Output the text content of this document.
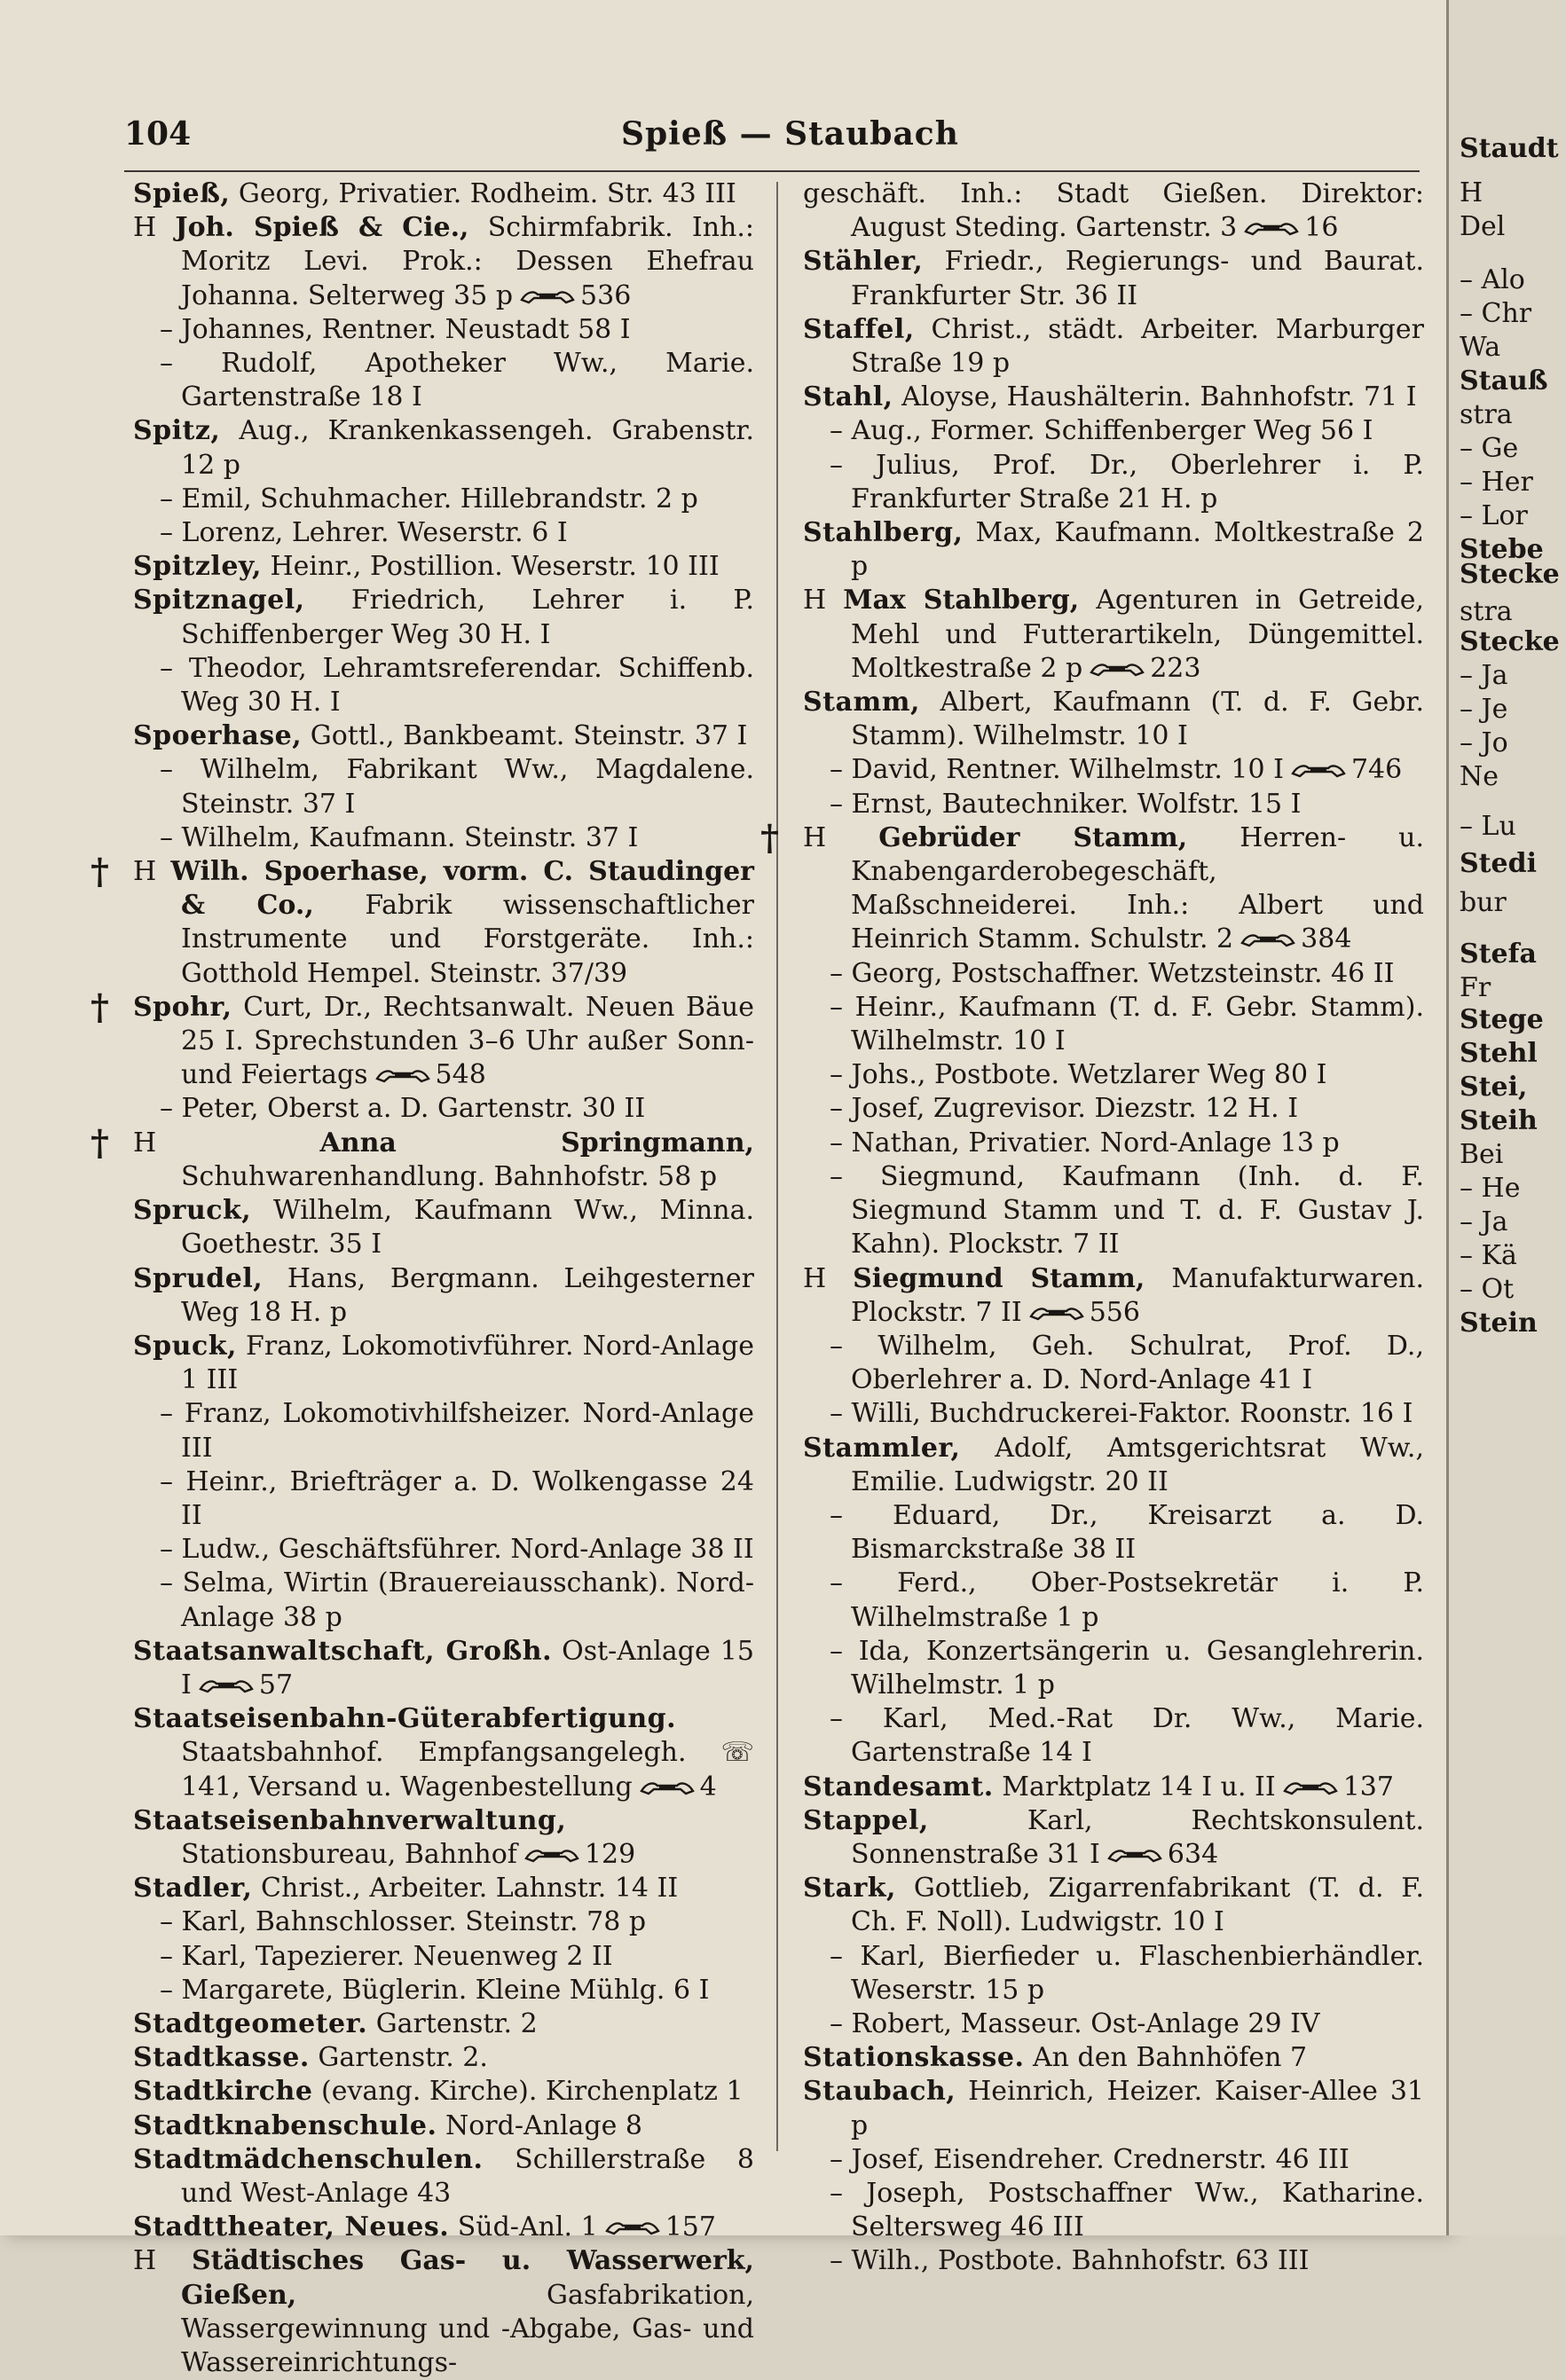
104	Spieß — Staubach
Spieß, Georg, Privatier. Rodheim. Str. 43 III
H Joh. Spieß & Cie., Schirmfabrik. Inh.: Moritz Levi. Prok.: Dessen Ehefrau Johanna. Selterweg 35 p	536
– Johannes, Rentner. Neustadt 58 I
– Rudolf, Apotheker Ww., Marie. Gartenstraße 18 I
Spitz, Aug., Krankenkassengeh. Grabenstr. 12 p
– Emil, Schuhmacher. Hillebrandstr. 2 p
– Lorenz, Lehrer. Weserstr. 6 I
Spitzley, Heinr., Postillion. Weserstr. 10 III
Spitznagel, Friedrich, Lehrer i. P. Schiffenberger Weg 30 H. I
– Theodor, Lehramtsreferendar. Schiffenb. Weg 30 H. I
Spoerhase, Gottl., Bankbeamt. Steinstr. 37 I
– Wilhelm, Fabrikant Ww., Magdalene. Steinstr. 37 I
– Wilhelm, Kaufmann. Steinstr. 37 I
† H Wilh. Spoerhase, vorm. C. Staudinger & Co., Fabrik wissenschaftlicher Instrumente und Forstgeräte. Inh.: Gotthold Hempel. Steinstr. 37/39
† Spohr, Curt, Dr., Rechtsanwalt. Neuen Bäue 25 I. Sprechstunden 3–6 Uhr außer Sonn- und Feiertags	548
– Peter, Oberst a. D. Gartenstr. 30 II
† H	Anna Springmann, Schuhwarenhandlung. Bahnhofstr. 58 p
Spruck, Wilhelm, Kaufmann Ww., Minna. Goethestr. 35 I
Sprudel, Hans, Bergmann. Leihgesterner Weg 18 H. p
Spuck, Franz, Lokomotivführer. Nord-Anlage 1 III
– Franz, Lokomotivhilfsheizer. Nord-Anlage III
– Heinr., Briefträger a. D. Wolkengasse 24 II
– Ludw., Geschäftsführer. Nord-Anlage 38 II
– Selma, Wirtin (Brauereiausschank). Nord-Anlage 38 p
Staatsanwaltschaft, Großh. Ost-Anlage 15 I	57
Staatseisenbahn-Güterabfertigung. Staatsbahnhof. Empfangsangelegh. ☏ 141, Versand u. Wagenbestellung	4
Staatseisenbahnverwaltung, Stationsbureau, Bahnhof	129
Stadler, Christ., Arbeiter. Lahnstr. 14 II
– Karl, Bahnschlosser. Steinstr. 78 p
– Karl, Tapezierer. Neuenweg 2 II
– Margarete, Büglerin. Kleine Mühlg. 6 I
Stadtgeometer. Gartenstr. 2
Stadtkasse. Gartenstr. 2.
Stadtkirche (evang. Kirche). Kirchenplatz 1
Stadtknabenschule. Nord-Anlage 8
Stadtmädchenschulen. Schillerstraße 8 und West-Anlage 43
Stadttheater, Neues. Süd-Anl. 1	157
H Städtisches Gas- u. Wasserwerk, Gießen,	Gasfabrikation, Wassergewinnung und -Abgabe, Gas- und Wassereinrichtungs-
geschäft. Inh.: Stadt Gießen. Direktor: August Steding. Gartenstr. 3	16
Stähler, Friedr., Regierungs- und Baurat. Frankfurter Str. 36 II
Staffel, Christ., städt. Arbeiter. Marburger Straße 19 p
Stahl, Aloyse, Haushälterin. Bahnhofstr. 71 I
– Aug., Former. Schiffenberger Weg 56 I
– Julius, Prof. Dr., Oberlehrer i. P. Frankfurter Straße 21 H. p
Stahlberg, Max, Kaufmann. Moltkestraße 2 p
H Max Stahlberg, Agenturen in Getreide, Mehl und Futterartikeln, Düngemittel. Moltkestraße 2 p	223
Stamm, Albert, Kaufmann (T. d. F. Gebr. Stamm). Wilhelmstr. 10 I
– David, Rentner. Wilhelmstr. 10 I	746
– Ernst, Bautechniker. Wolfstr. 15 I
† H Gebrüder Stamm, Herren- u. Knabengarderobegeschäft, Maßschneiderei. Inh.: Albert und Heinrich Stamm. Schulstr. 2	384
– Georg, Postschaffner. Wetzsteinstr. 46 II
– Heinr., Kaufmann (T. d. F. Gebr. Stamm). Wilhelmstr. 10 I
– Johs., Postbote. Wetzlarer Weg 80 I
– Josef, Zugrevisor. Diezstr. 12 H. I
– Nathan, Privatier. Nord-Anlage 13 p
– Siegmund, Kaufmann (Inh. d. F. Siegmund Stamm und T. d. F. Gustav J. Kahn). Plockstr. 7 II
H Siegmund Stamm, Manufakturwaren. Plockstr. 7 II	556
– Wilhelm, Geh. Schulrat, Prof. D., Oberlehrer a. D. Nord-Anlage 41 I
– Willi, Buchdruckerei-Faktor. Roonstr. 16 I
Stammler, Adolf, Amtsgerichtsrat Ww., Emilie. Ludwigstr. 20 II
– Eduard, Dr., Kreisarzt a. D. Bismarckstraße 38 II
– Ferd., Ober-Postsekretär i. P. Wilhelmstraße 1 p
– Ida, Konzertsängerin u. Gesanglehrerin. Wilhelmstr. 1 p
– Karl, Med.-Rat Dr. Ww., Marie. Gartenstraße 14 I
Standesamt. Marktplatz 14 I u. II	137
Stappel,	Karl, Rechtskonsulent. Sonnenstraße 31 I	634
Stark, Gottlieb, Zigarrenfabrikant (T. d. F. Ch. F. Noll). Ludwigstr. 10 I
– Karl, Bierfieder u. Flaschenbierhändler. Weserstr. 15 p
– Robert, Masseur. Ost-Anlage 29 IV
Stationskasse. An den Bahnhöfen 7
Staubach, Heinrich, Heizer. Kaiser-Allee 31 p
– Josef, Eisendreher. Crednerstr. 46 III
– Joseph, Postschaffner Ww., Katharine. Seltersweg 46 III
– Wilh., Postbote. Bahnhofstr. 63 III
Staudt
H
Del
– Alo
– Chr
Wa
Stauß
stra
– Ge
– Her
– Lor
Stebe
Stecke
stra
Stecke
– Ja
– Je
– Jo
Ne
– Lu
Stedi
bur
Stefa
Fr
Stege
Stehl
Stei,
Steih
Bei
– He
– Ja
– Kä
– Ot
Stein
